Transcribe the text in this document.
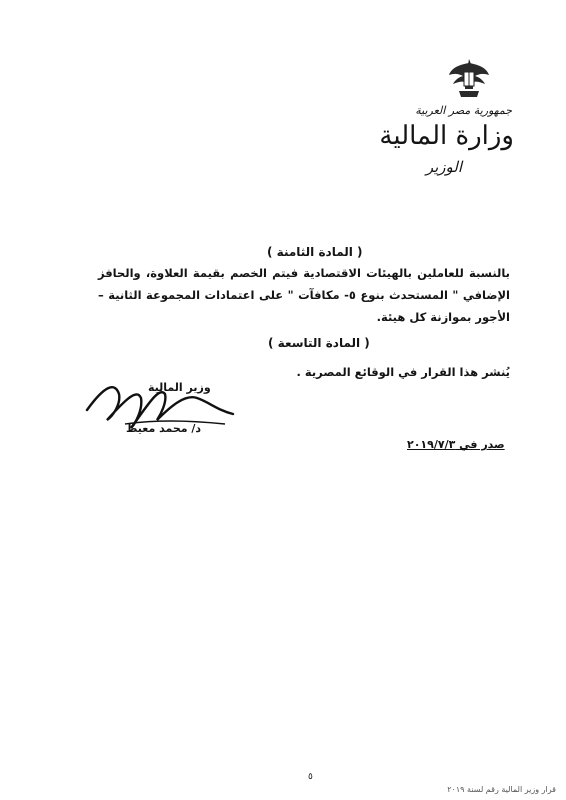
جمهورية مصر العربية
وزارة المالية
الوزير
( المادة الثامنة )
بالنسبة للعاملين بالهيئات الاقتصادية فيتم الخصم بقيمة العلاوة، والحافز
الإضافي " المستحدث بنوع ٥- مكافآت " على اعتمادات المجموعة الثانية –
الأجور بموازنة كل هيئة.
( المادة التاسعة )
يُنشر هذا القرار في الوقائع المصرية .
وزير المالية
د/ محمد معيط
صدر في ٢٠١٩/٧/٣
٥
قرار وزير المالية رقم لسنة ٢٠١٩
